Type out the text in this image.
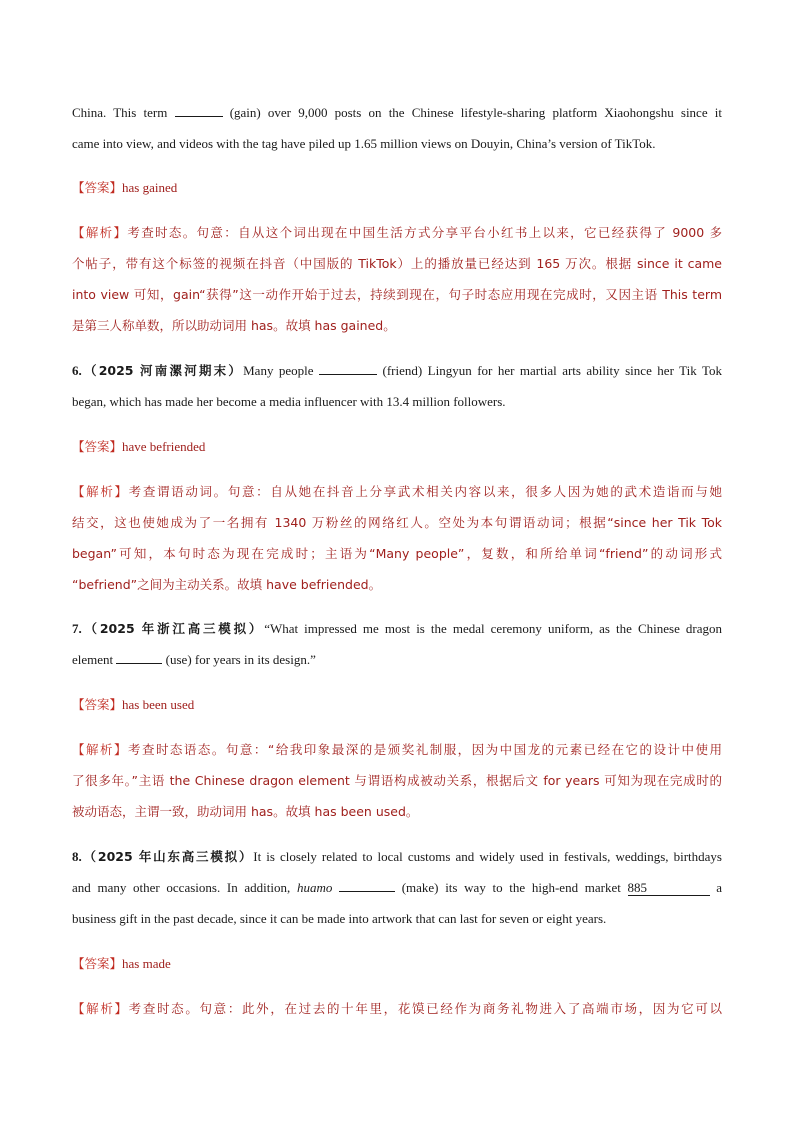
China. This term	(gain) over 9,000 posts on the Chinese lifestyle-sharing platform Xiaohongshu since it
came into view, and videos with the tag have piled up 1.65 million views on Douyin, China’s version of TikTok.
【答案】has gained
【解析】考查时态。句意：自从这个词出现在中国生活方式分享平台小红书上以来，它已经获得了 9000 多
个帖子，带有这个标签的视频在抖音（中国版的 TikTok）上的播放量已经达到 165 万次。根据 since it came
into view 可知，gain“获得”这一动作开始于过去，持续到现在，句子时态应用现在完成时，又因主语 This term
是第三人称单数，所以助动词用 has。故填 has gained。
6.（2025 河南漯河期末）Many people	(friend) Lingyun for her martial arts ability since her Tik Tok
began, which has made her become a media influencer with 13.4 million followers.
【答案】have befriended
【解析】考查谓语动词。句意：自从她在抖音上分享武术相关内容以来，很多人因为她的武术造诣而与她
结交，这也使她成为了一名拥有 1340 万粉丝的网络红人。空处为本句谓语动词；根据“since her Tik Tok
began”可知，本句时态为现在完成时；主语为“Many people”，复数，和所给单词“friend”的动词形式
“befriend”之间为主动关系。故填 have befriended。
7.（2025 年浙江高三模拟）“What impressed me most is the medal ceremony uniform, as the Chinese dragon
element	(use) for years in its design.”
【答案】has been used
【解析】考查时态语态。句意：“给我印象最深的是颁奖礼制服，因为中国龙的元素已经在它的设计中使用
了很多年。”主语 the Chinese dragon element 与谓语构成被动关系，根据后文 for years 可知为现在完成时的
被动语态，主谓一致，助动词用 has。故填 has been used。
8.（2025 年山东高三模拟）It is closely related to local customs and widely used in festivals, weddings, birthdays
and many other occasions. In addition, huamo	(make) its way to the high-end market 885	a
business gift in the past decade, since it can be made into artwork that can last for seven or eight years.
【答案】has made
【解析】考查时态。句意：此外，在过去的十年里，花馍已经作为商务礼物进入了高端市场，因为它可以
